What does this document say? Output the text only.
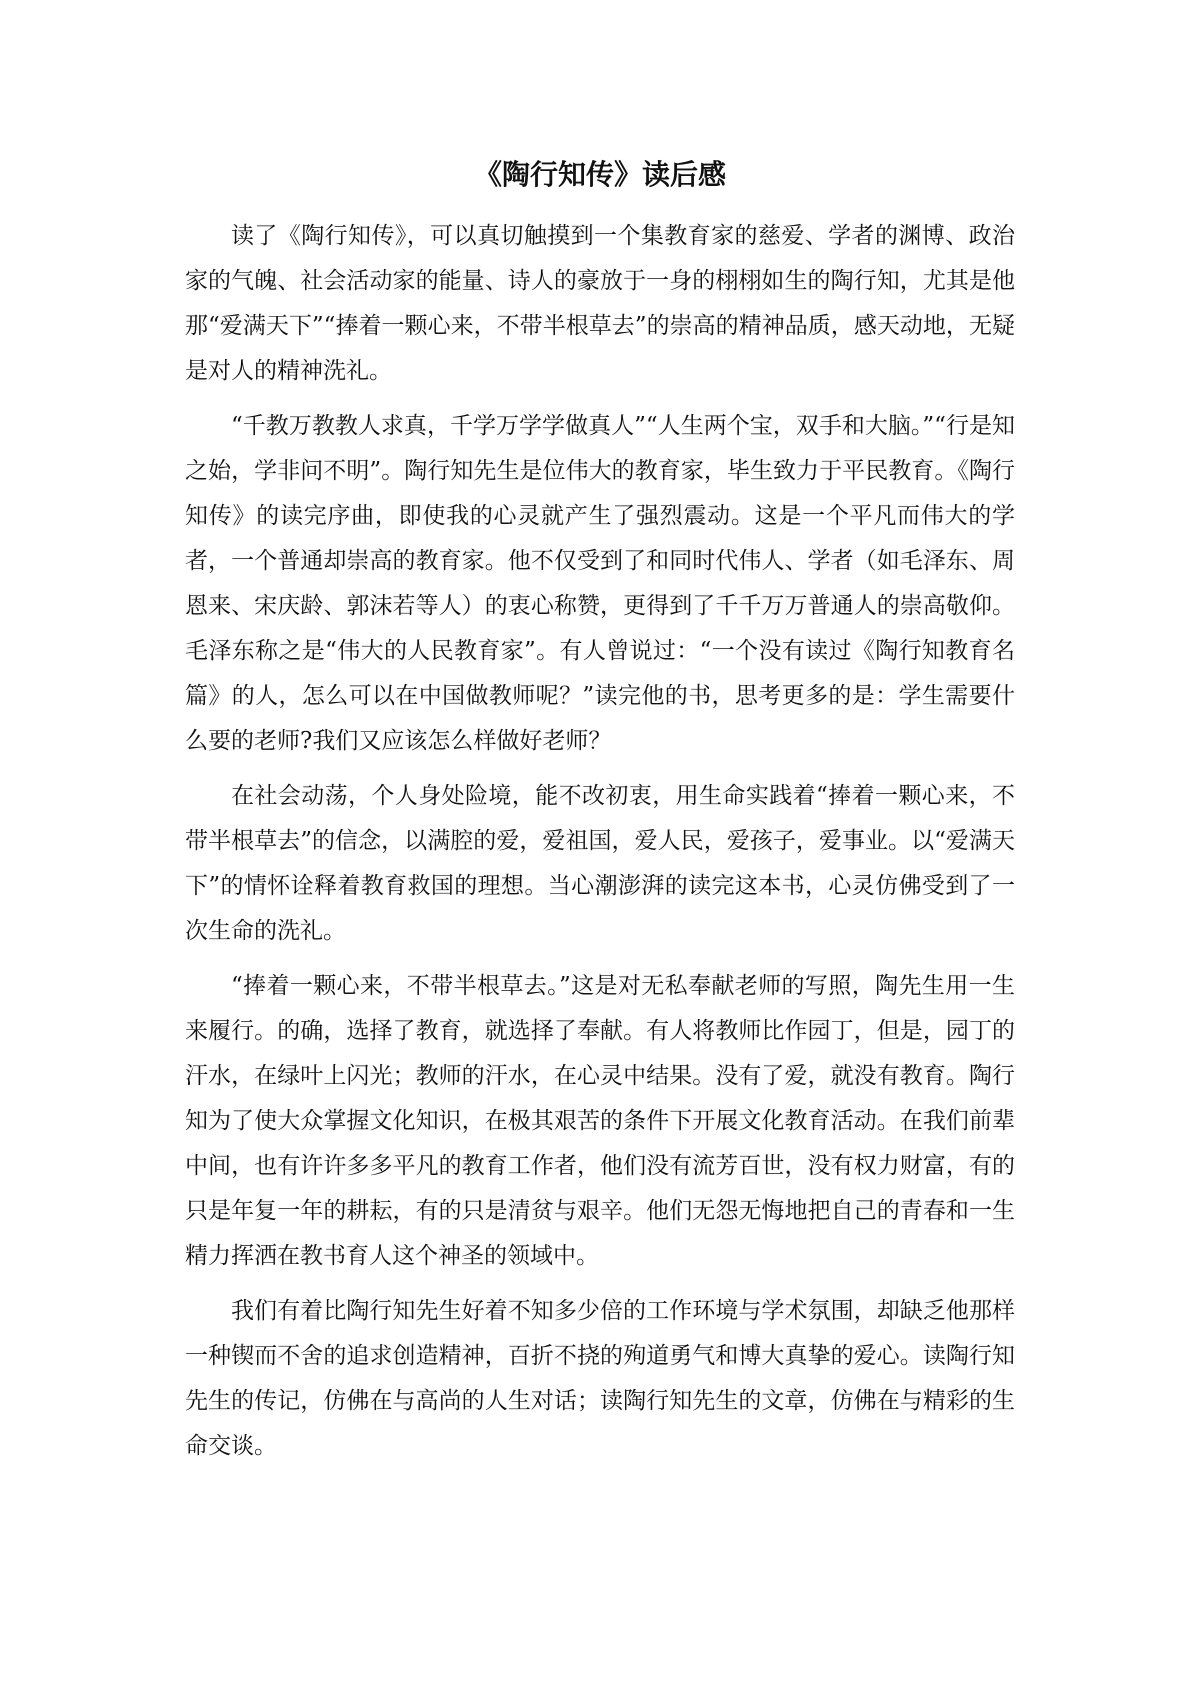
《陶行知传》读后感

读了《陶行知传》，可以真切触摸到一个集教育家的慈爱、学者的渊博、政治家的气魄、社会活动家的能量、诗人的豪放于一身的栩栩如生的陶行知，尤其是他那“爱满天下”“捧着一颗心来，不带半根草去”的崇高的精神品质，感天动地，无疑是对人的精神洗礼。

“千教万教教人求真，千学万学学做真人”“人生两个宝，双手和大脑。”“行是知之始，学非问不明”。陶行知先生是位伟大的教育家，毕生致力于平民教育。《陶行知传》的读完序曲，即使我的心灵就产生了强烈震动。这是一个平凡而伟大的学者，一个普通却崇高的教育家。他不仅受到了和同时代伟人、学者（如毛泽东、周恩来、宋庆龄、郭沫若等人）的衷心称赞，更得到了千千万万普通人的崇高敬仰。毛泽东称之是“伟大的人民教育家”。有人曾说过：“一个没有读过《陶行知教育名篇》的人，怎么可以在中国做教师呢？”读完他的书，思考更多的是：学生需要什么要的老师?我们又应该怎么样做好老师？

在社会动荡，个人身处险境，能不改初衷，用生命实践着“捧着一颗心来，不带半根草去”的信念，以满腔的爱，爱祖国，爱人民，爱孩子，爱事业。以“爱满天下”的情怀诠释着教育救国的理想。当心潮澎湃的读完这本书，心灵仿佛受到了一次生命的洗礼。

“捧着一颗心来，不带半根草去。”这是对无私奉献老师的写照，陶先生用一生来履行。的确，选择了教育，就选择了奉献。有人将教师比作园丁，但是，园丁的汗水，在绿叶上闪光；教师的汗水，在心灵中结果。没有了爱，就没有教育。陶行知为了使大众掌握文化知识，在极其艰苦的条件下开展文化教育活动。在我们前辈中间，也有许许多多平凡的教育工作者，他们没有流芳百世，没有权力财富，有的只是年复一年的耕耘，有的只是清贫与艰辛。他们无怨无悔地把自己的青春和一生精力挥洒在教书育人这个神圣的领域中。

我们有着比陶行知先生好着不知多少倍的工作环境与学术氛围，却缺乏他那样一种锲而不舍的追求创造精神，百折不挠的殉道勇气和博大真挚的爱心。读陶行知先生的传记，仿佛在与高尚的人生对话；读陶行知先生的文章，仿佛在与精彩的生命交谈。
